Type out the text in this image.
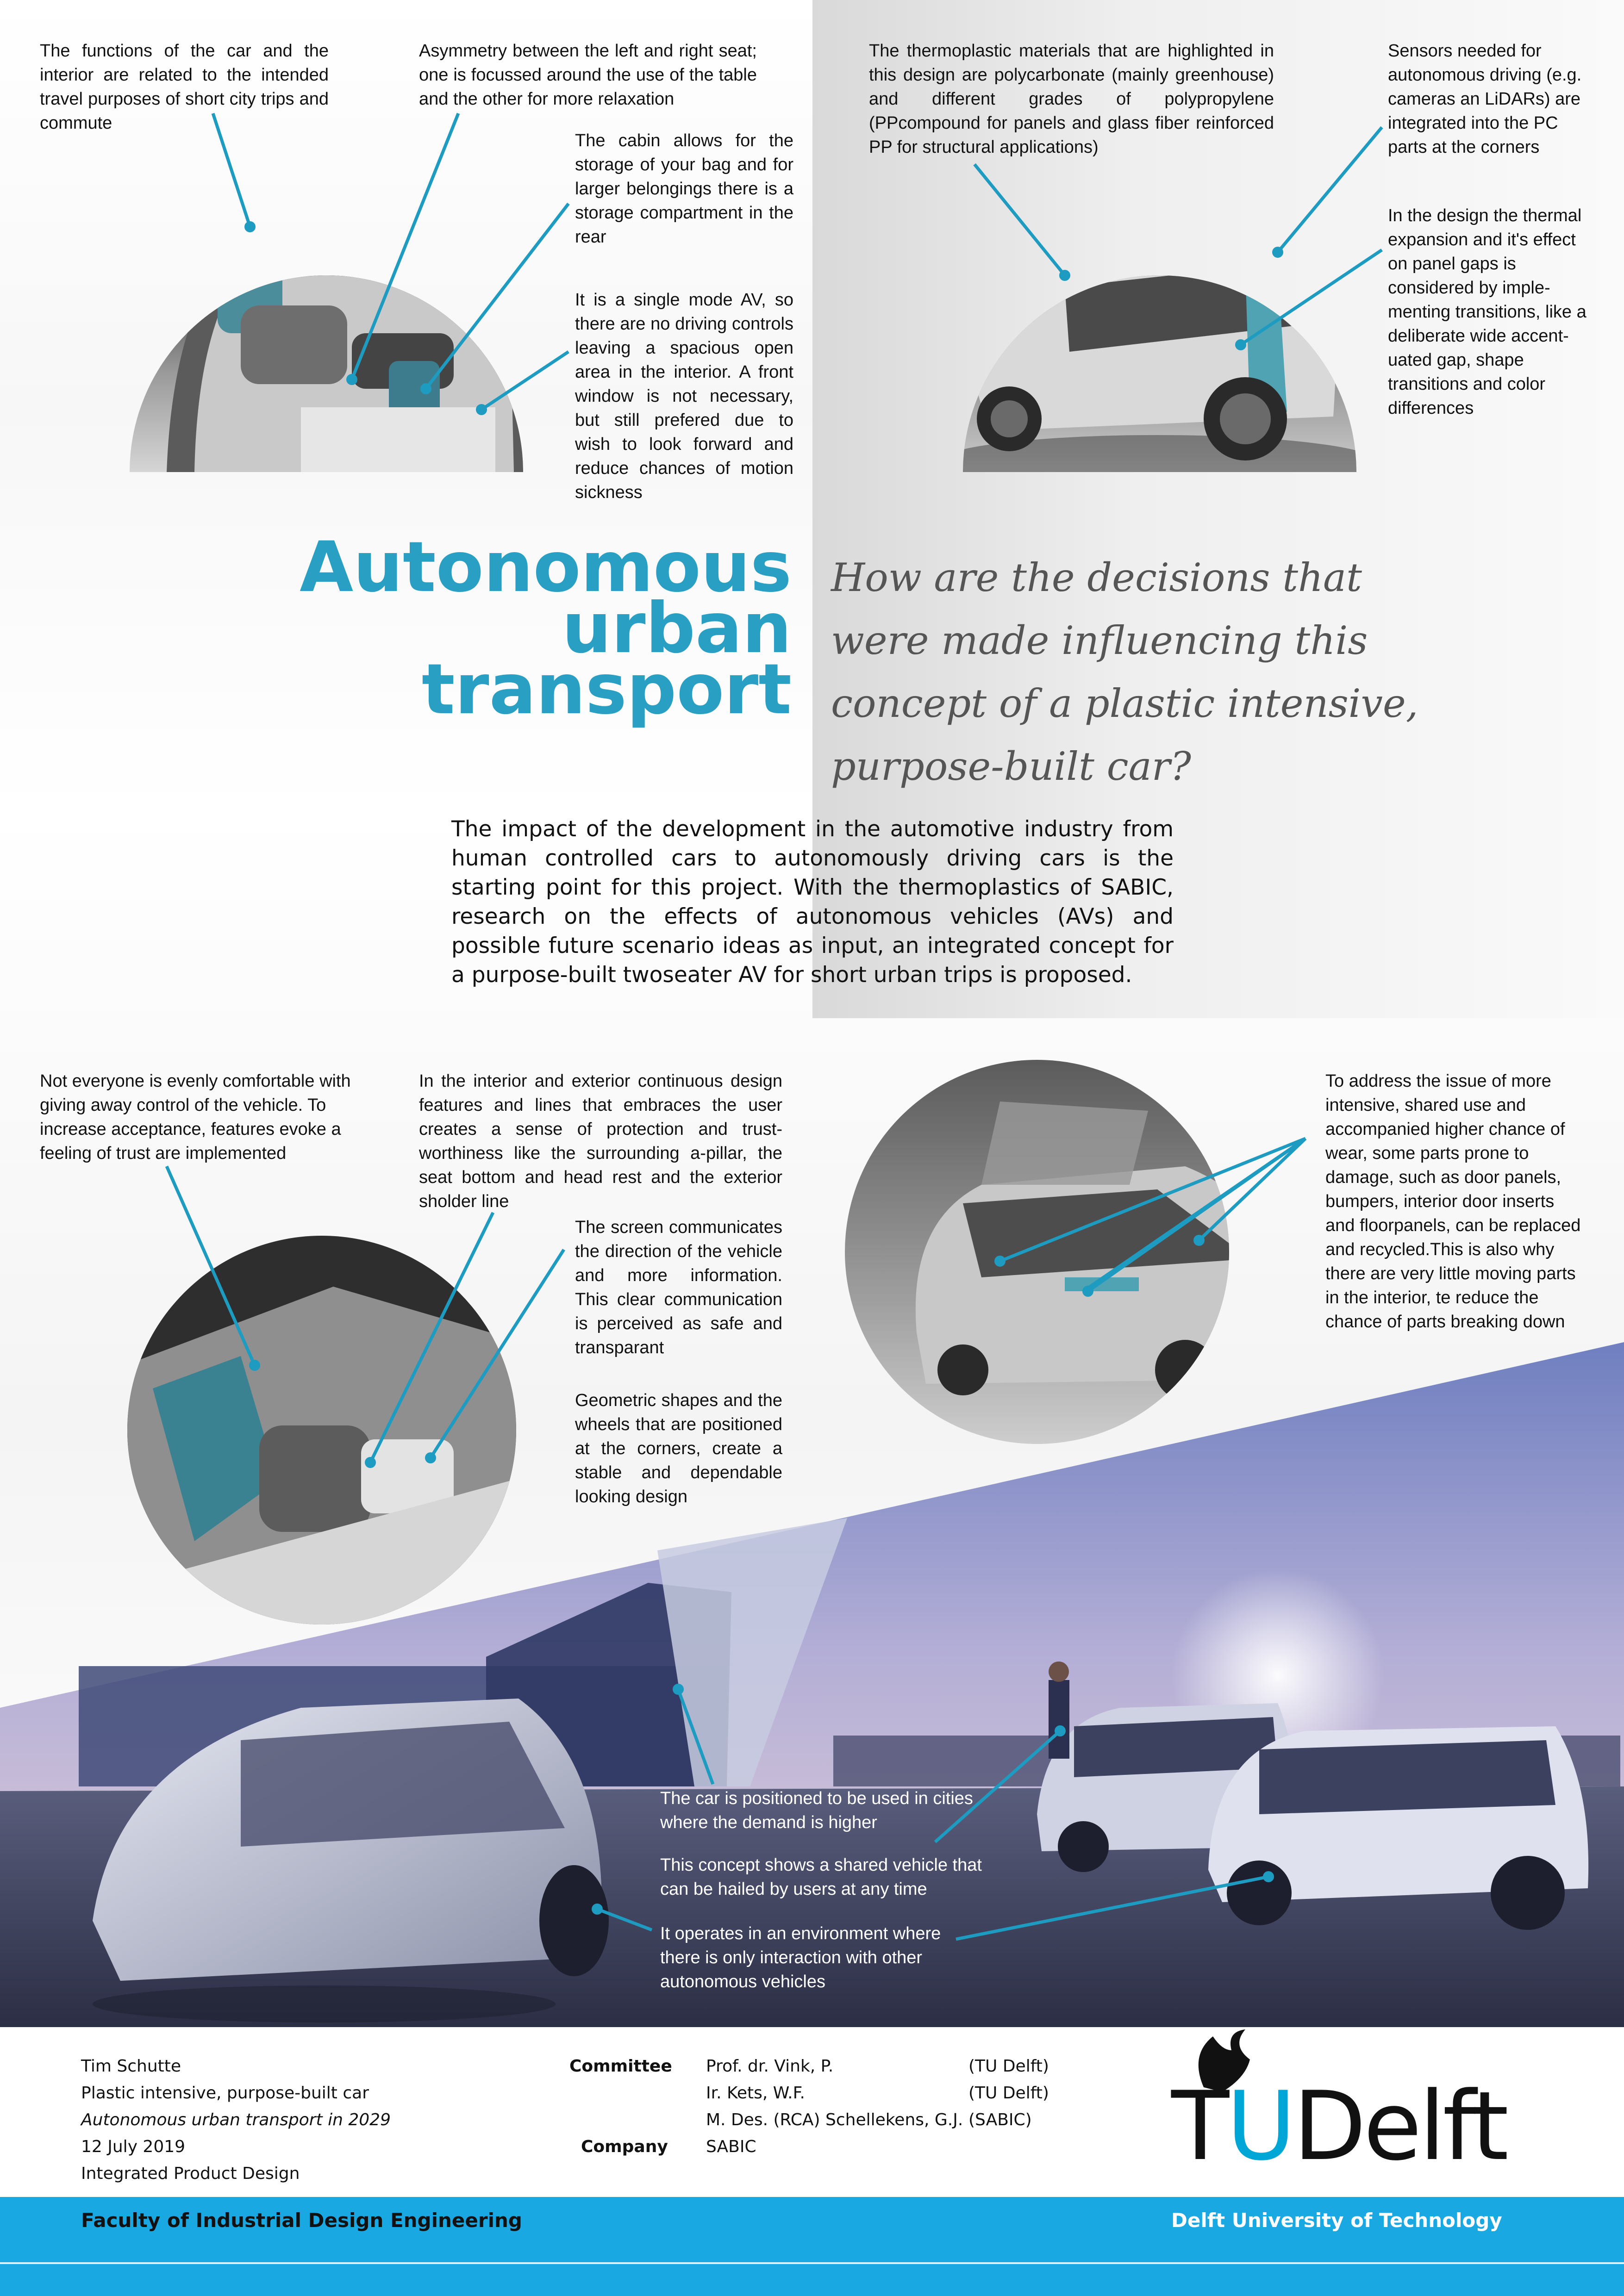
The functions of the car and the interior are related to the intended travel purposes of short city trips and commute

Asymmetry between the left and right seat; one is focussed around the use of the table and the other for more relaxation

The cabin allows for the storage of your bag and for larger belongings there is a storage compartment in the rear

It is a single mode AV, so there are no driving controls leaving a spacious open area in the interior. A front window is not necessary, but still prefered due to wish to look forward and reduce chances of motion sickness

The thermoplastic materials that are highlighted in this design are polycarbonate (mainly greenhouse) and different grades of polypropylene (PPcompound for panels and glass fiber reinforced PP for structural applications)

Sensors needed for autonomous driving (e.g. cameras an LiDARs) are integrated into the PC parts at the corners

In the design the thermal expansion and it's effect on panel gaps is considered by imple-menting transitions, like a deliberate wide accent-uated gap, shape transitions and color differences

Autonomous
urban
transport
How are the decisions that were made influencing this concept of a plastic intensive, purpose-built car?
The impact of the development in the automotive industry from human controlled cars to autonomously driving cars is the starting point for this project. With the thermoplastics of SABIC, research on the effects of autonomous vehicles (AVs) and possible future scenario ideas as input, an integrated concept for a purpose-built twoseater AV for short urban trips is proposed.

Not everyone is evenly comfortable with giving away control of the vehicle. To increase acceptance, features evoke a feeling of trust are implemented

In the interior and exterior continuous design features and lines that embraces the user creates a sense of protection and trust-worthiness like the surrounding a-pillar, the seat bottom and head rest and the exterior sholder line

The screen communicates the direction of the vehicle and more information. This clear communication is perceived as safe and transparant

Geometric shapes and the wheels that are positioned at the corners, create a stable and dependable looking design

To address the issue of more intensive, shared use and accompanied higher chance of wear, some parts prone to damage, such as door panels, bumpers, interior door inserts and floorpanels, can be replaced and recycled.This is also why there are very little moving parts in the interior, te reduce the chance of parts breaking down

The car is positioned to be used in cities where the demand is higher

This concept shows a shared vehicle that can be hailed by users at any time

It operates in an environment where there is only interaction with other autonomous vehicles

Tim Schutte
Plastic intensive, purpose-built car
Autonomous urban transport in 2029
12 July 2019
Integrated Product Design
Committee Prof. dr. Vink, P.	(TU Delft)
Ir. Kets, W.F.	(TU Delft)
M. Des. (RCA) Schellekens, G.J. (SABIC)
Company SABIC	TUDelft
Faculty of Industrial Design Engineering	Delft University of Technology
